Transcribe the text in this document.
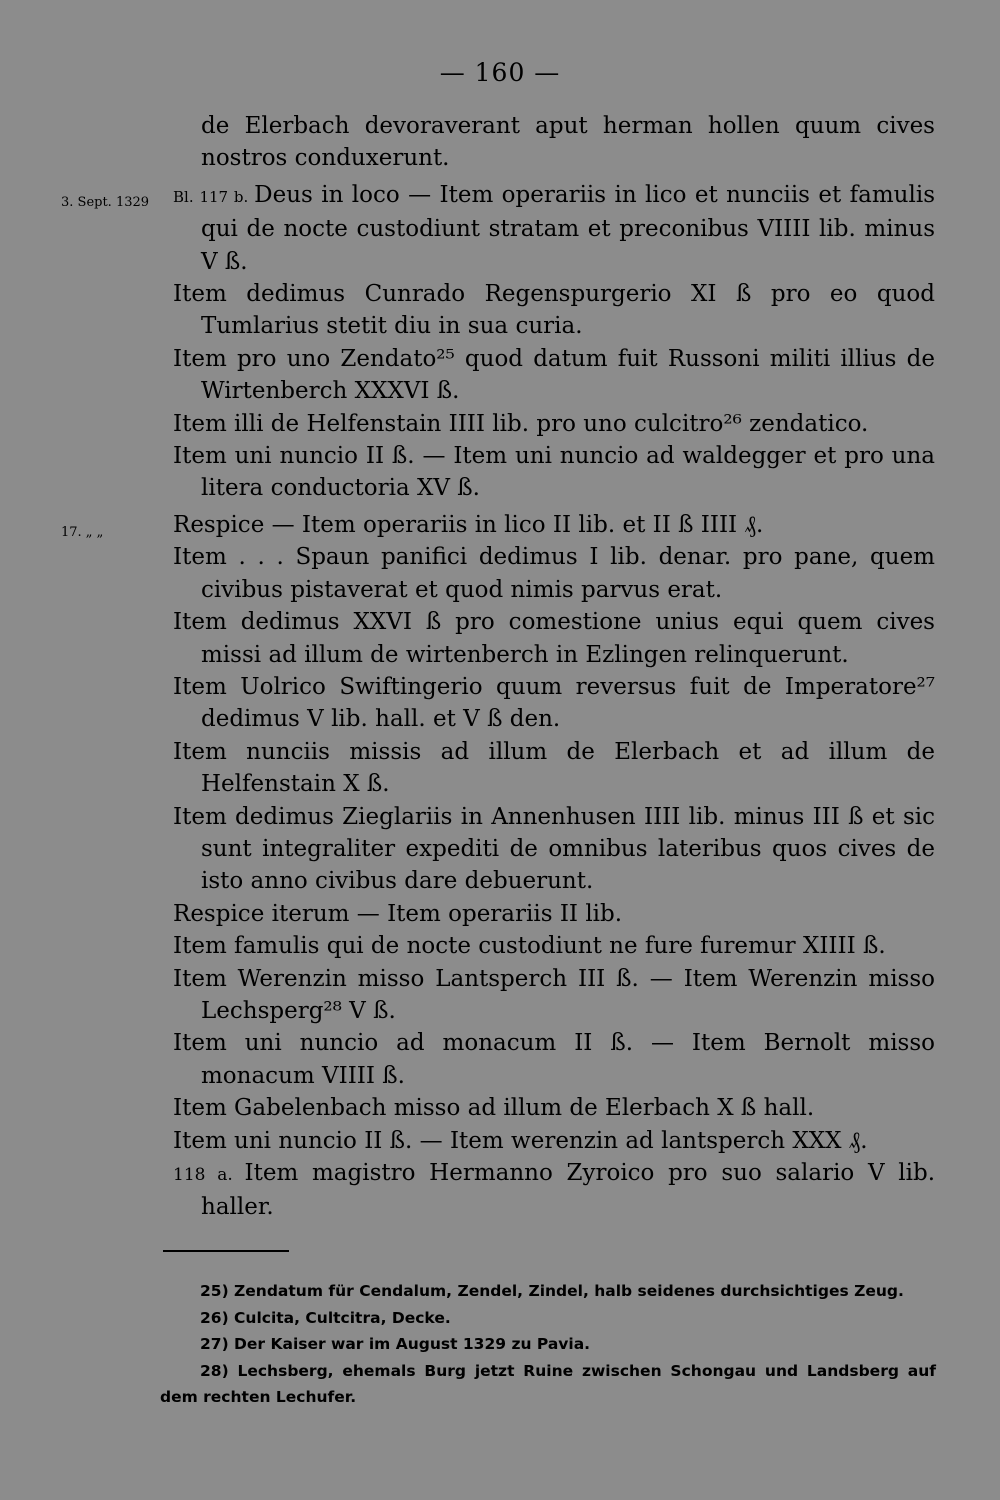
— 160 —
de Elerbach devoraverant aput herman hollen quum cives nostros conduxerunt.
3. Sept. 1329 Bl. 117 b. Deus in loco — Item operariis in lico et nunciis et famulis qui de nocte custodiunt stratam et preconibus VIIII lib. minus V ß.
Item dedimus Cunrado Regenspurgerio XI ß pro eo quod Tumlarius stetit diu in sua curia.
Item pro uno Zendato²⁵ quod datum fuit Russoni militi illius de Wirtenberch XXXVI ß.
Item illi de Helfenstain IIII lib. pro uno culcitro²⁶ zendatico.
Item uni nuncio II ß. — Item uni nuncio ad waldegger et pro una litera conductoria XV ß.
17. „ „	Respice — Item operariis in lico II lib. et II ß IIII ₰.
Item . . . Spaun panifici dedimus I lib. denar. pro pane, quem civibus pistaverat et quod nimis parvus erat.
Item dedimus XXVI ß pro comestione unius equi quem cives missi ad illum de wirtenberch in Ezlingen relinquerunt.
Item Uolrico Swiftingerio quum reversus fuit de Imperatore²⁷ dedimus V lib. hall. et V ß den.
Item nunciis missis ad illum de Elerbach et ad illum de Helfenstain X ß.
Item dedimus Zieglariis in Annenhusen IIII lib. minus III ß et sic sunt integraliter expediti de omnibus lateribus quos cives de isto anno civibus dare debuerunt.
Respice iterum — Item operariis II lib.
Item famulis qui de nocte custodiunt ne fure furemur XIIII ß.
Item Werenzin misso Lantsperch III ß. — Item Werenzin misso Lechsperg²⁸ V ß.
Item uni nuncio ad monacum II ß. — Item Bernolt misso monacum VIIII ß.
Item Gabelenbach misso ad illum de Elerbach X ß hall.
Item uni nuncio II ß. — Item werenzin ad lantsperch XXX ₰.
118 a. Item magistro Hermanno Zyroico pro suo salario V lib. haller.
25) Zendatum für Cendalum, Zendel, Zindel, halb seidenes durchsichtiges Zeug.
26) Culcita, Cultcitra, Decke.
27) Der Kaiser war im August 1329 zu Pavia.
28) Lechsberg, ehemals Burg jetzt Ruine zwischen Schongau und Landsberg auf dem rechten Lechufer.
